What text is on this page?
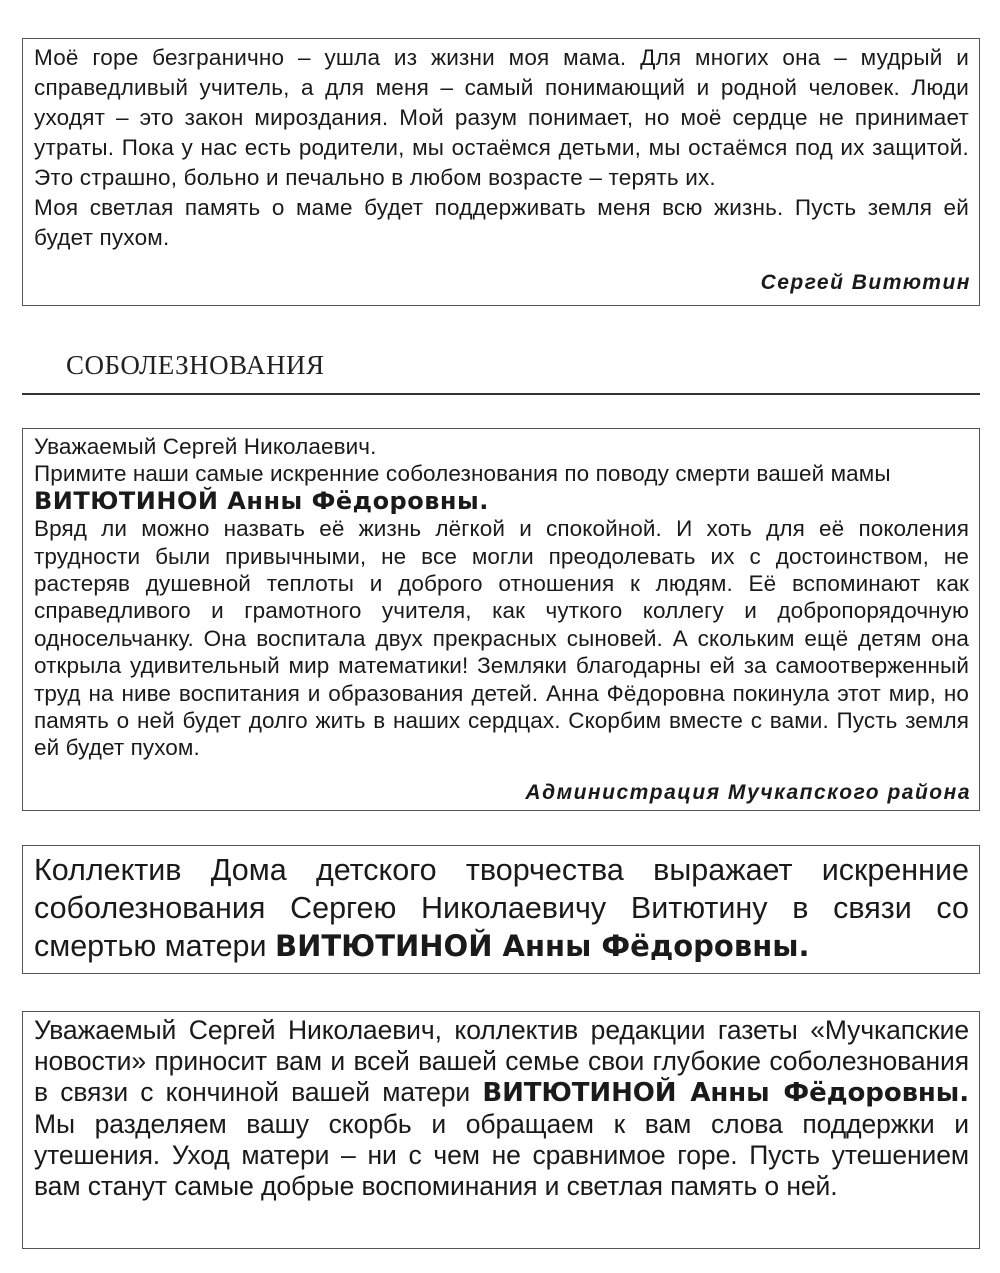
Моё горе безгранично – ушла из жизни моя мама. Для многих она – мудрый и справедливый учитель, а для меня – самый понимающий и родной человек. Люди уходят – это закон мироздания. Мой разум понимает, но моё сердце не принимает утраты. Пока у нас есть родители, мы остаёмся детьми, мы остаёмся под их защитой. Это страшно, больно и печально в любом возрасте – терять их.
Моя светлая память о маме будет поддерживать меня всю жизнь. Пусть земля ей будет пухом.

Сергей Витютин

СОБОЛЕЗНОВАНИЯ

Уважаемый Сергей Николаевич.

Примите наши самые искренние соболезнования по поводу смерти вашей мамы ВИТЮТИНОЙ Анны Фёдоровны.

Вряд ли можно назвать её жизнь лёгкой и спокойной. И хоть для её поколения трудности были привычными, не все могли преодолевать их с достоинством, не растеряв душевной теплоты и доброго отношения к людям. Её вспоминают как справедливого и грамотного учителя, как чуткого коллегу и добропорядочную односельчанку. Она воспитала двух прекрасных сыновей. А скольким ещё детям она открыла удивительный мир математики! Земляки благодарны ей за самоотверженный труд на ниве воспитания и образования детей. Анна Фёдоровна покинула этот мир, но память о ней будет долго жить в наших сердцах. Скорбим вместе с вами. Пусть земля ей будет пухом.

Администрация Мучкапского района

Коллектив Дома детского творчества выражает искренние соболезнования Сергею Николаевичу Витютину в связи со смертью матери ВИТЮТИНОЙ Анны Фёдоровны.

Уважаемый Сергей Николаевич, коллектив редакции газеты «Мучкапские новости» приносит вам и всей вашей семье свои глубокие соболезнования в связи с кончиной вашей матери ВИТЮТИНОЙ Анны Фёдоровны. Мы разделяем вашу скорбь и обращаем к вам слова поддержки и утешения. Уход матери – ни с чем не сравнимое горе. Пусть утешением вам станут самые добрые воспоминания и светлая память о ней.
